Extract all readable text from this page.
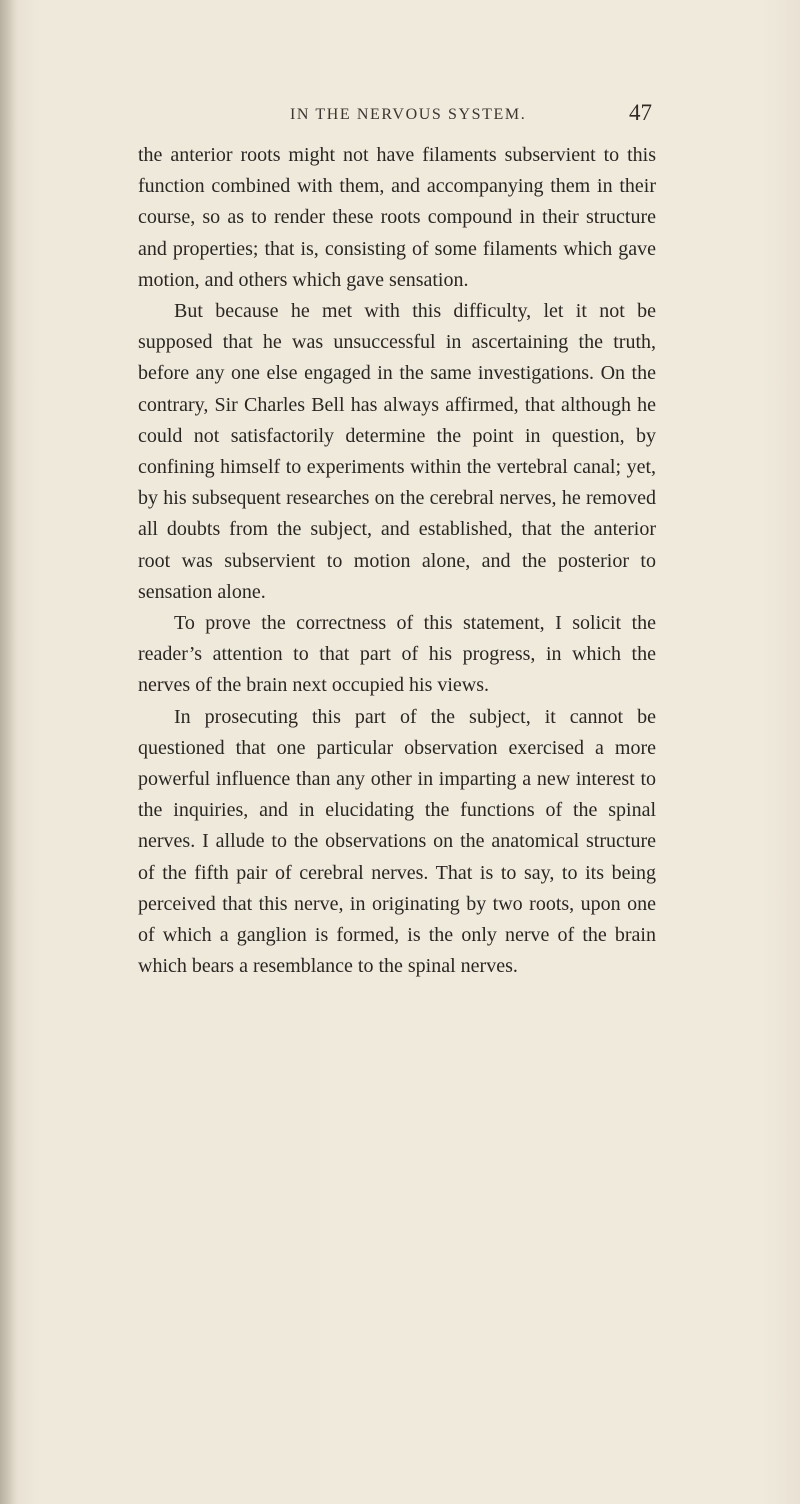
IN THE NERVOUS SYSTEM.	47

the anterior roots might not have filaments subservient to this function combined with them, and accompanying them in their course, so as to render these roots compound in their structure and properties; that is, consisting of some filaments which gave motion, and others which gave sensation.

But because he met with this difficulty, let it not be supposed that he was unsuccessful in ascertaining the truth, before any one else engaged in the same investigations. On the contrary, Sir Charles Bell has always affirmed, that although he could not satisfactorily determine the point in question, by confining himself to experiments within the vertebral canal; yet, by his subsequent researches on the cerebral nerves, he removed all doubts from the subject, and established, that the anterior root was subservient to motion alone, and the posterior to sensation alone.

To prove the correctness of this statement, I solicit the reader’s attention to that part of his progress, in which the nerves of the brain next occupied his views.

In prosecuting this part of the subject, it cannot be questioned that one particular observation exercised a more powerful influence than any other in imparting a new interest to the inquiries, and in elucidating the functions of the spinal nerves. I allude to the observations on the anatomical structure of the fifth pair of cerebral nerves. That is to say, to its being perceived that this nerve, in originating by two roots, upon one of which a ganglion is formed, is the only nerve of the brain which bears a resemblance to the spinal nerves.
